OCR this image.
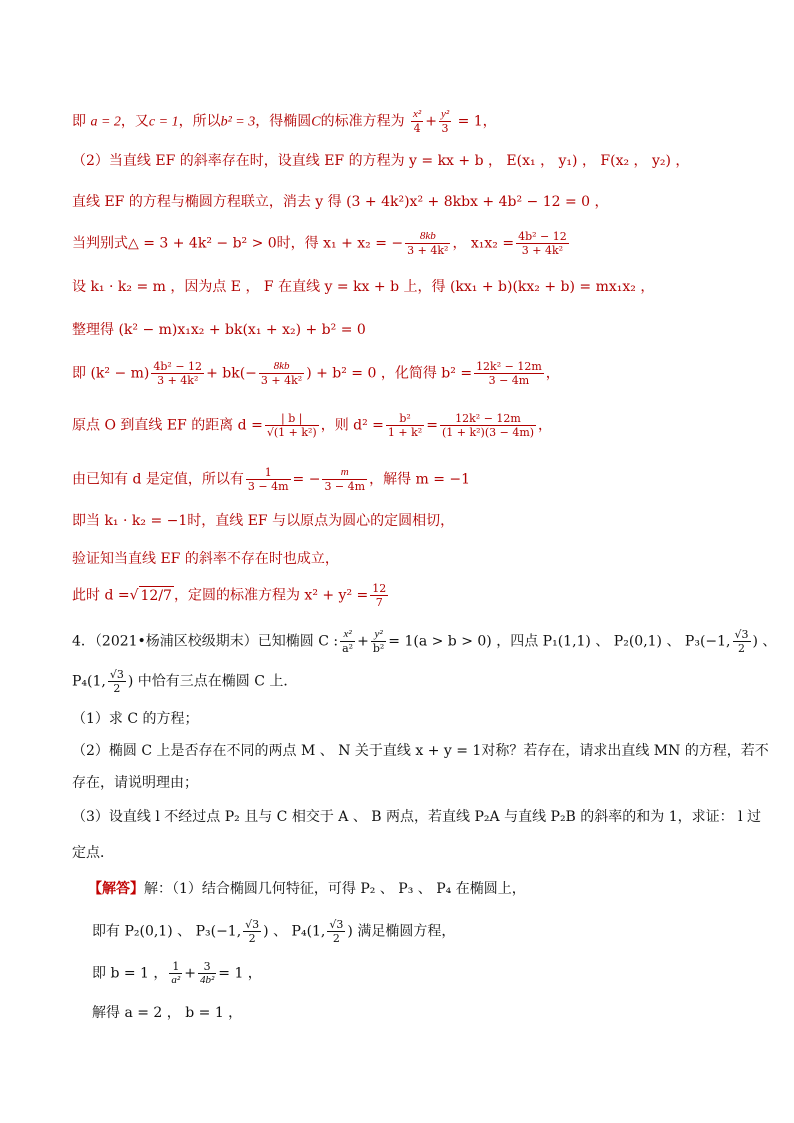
即 a = 2，又c = 1，所以b² = 3，得椭圆C的标准方程为 $\frac{\text{x²}}{4} + \frac{\text{y²}}{3} = 1$，
（2）当直线 EF 的斜率存在时，设直线 EF 的方程为 y = kx + b ， E(x₁ ， y₁) ， F(x₂ ， y₂) ，
直线 EF 的方程与椭圆方程联立，消去 y 得 (3 + 4k²)x² + 8kbx + 4b² − 12 = 0 ，
当判别式△ = 3 + 4k² − b² > 0时，得 x₁ + x₂ = − $\frac{8kb}{\text{3 + 4k²}}$ ， $x_1x_2 = \frac{\text{4b² − 12}}{\text{3 + 4k²}}$
设 k₁ · k₂ = m ，因为点 E ， F 在直线 y = kx + b 上，得 (kx₁ + b)(kx₂ + b) = mx₁x₂ ，
整理得 (k² − m)x₁x₂ + bk(x₁ + x₂) + b² = 0
即 $(k^2 - m) \frac{\text{4b² − 12}}{\text{3 + 4k²}} + bk(- \frac{8kb}{\text{3 + 4k²}}$ ) + b² = 0 ，化简得 $b^2 = \frac{\text{12k² − 12m}}{3 - 4m}$ ，
原点 O 到直线 EF 的距离 $d = \frac{| b |}{\text{√(1 + k²)}}$ ，则 $d^2 = \frac{\text{b²}}{\text{1 + k²}} = \frac{\text{12k² − 12m}}{\text{(1 + k²)(3 − 4m)}}$ ，
由已知有 d 是定值，所以有 $\frac{1}{3 - 4m}$ = − $\frac{m}{3 - 4m}$ ，解得 m = −1
即当 k₁ · k₂ = −1时，直线 EF 与以原点为圆心的定圆相切，
验证知当直线 EF 的斜率不存在时也成立，
此时 d =√ 12/7 ，定圆的标准方程为 $x^2 + y^2 = \frac{12}{7}$
4．（2021•杨浦区校级期末）已知椭圆 C : $\frac{\text{x²}}{\text{a²}} + \frac{\text{y²}}{\text{b²}} = 1(a > b > 0)$ ，四点 P₁(1,1) 、 P₂(0,1) 、 P₃(−1, $\frac{√3}{2}$ ) 、
P₄(1, $\frac{√3}{2}$ ) 中恰有三点在椭圆 C 上．
（1）求 C 的方程；
（2）椭圆 C 上是否存在不同的两点 M 、 N 关于直线 x + y = 1对称？若存在，请求出直线 MN 的方程，若不
存在，请说明理由；
（3）设直线 l 不经过点 P₂ 且与 C 相交于 A 、 B 两点，若直线 P₂A 与直线 P₂B 的斜率的和为 1，求证： l 过
定点．
【解答】解：（1）结合椭圆几何特征，可得 P₂ 、 P₃ 、 P₄ 在椭圆上，
即有 P₂(0,1) 、 P₃(−1, $\frac{√3}{2}$ ) 、 P₄(1, $\frac{√3}{2}$ ) 满足椭圆方程，
即 b = 1 ， $\frac{1}{\text{a²}} + \frac{3}{\text{4b²}} = 1$ ，
解得 a = 2 ， b = 1 ，
